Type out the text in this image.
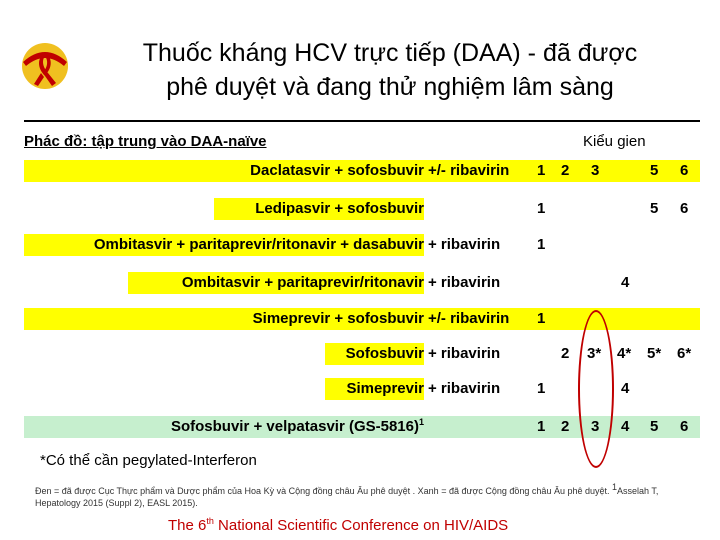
Thuốc kháng HCV trực tiếp (DAA) - đã được
phê duyệt và đang thử nghiệm lâm sàng
Phác đồ: tập trung vào DAA-naïve	Kiểu gien
Daclatasvir + sofosbuvir +/- ribavirin 1 2 3	5 6
Ledipasvir + sofosbuvir	1	5 6
Ombitasvir + paritaprevir/ritonavir + dasabuvir + ribavirin 1
Ombitasvir + paritaprevir/ritonavir + ribavirin	4
Simeprevir + sofosbuvir +/- ribavirin 1
Sofosbuvir + ribavirin	2 3* 4* 5* 6*
Simeprevir + ribavirin 1	4
Sofosbuvir + velpatasvir $(GS-5816)^1$	1 2 3 4 5 6
*Có thể cần pegylated-Interferon
Đen = đã được Cục Thực phẩm và Dược phẩm của Hoa Kỳ và Cộng đồng châu Âu phê duyệt . Xanh = đã được Cộng đồng châu Âu phê duyệt. $^1$Asselah T, Hepatology 2015 (Suppl 2), EASL 2015).
The 6th National Scientific Conference on HIV/AIDS
